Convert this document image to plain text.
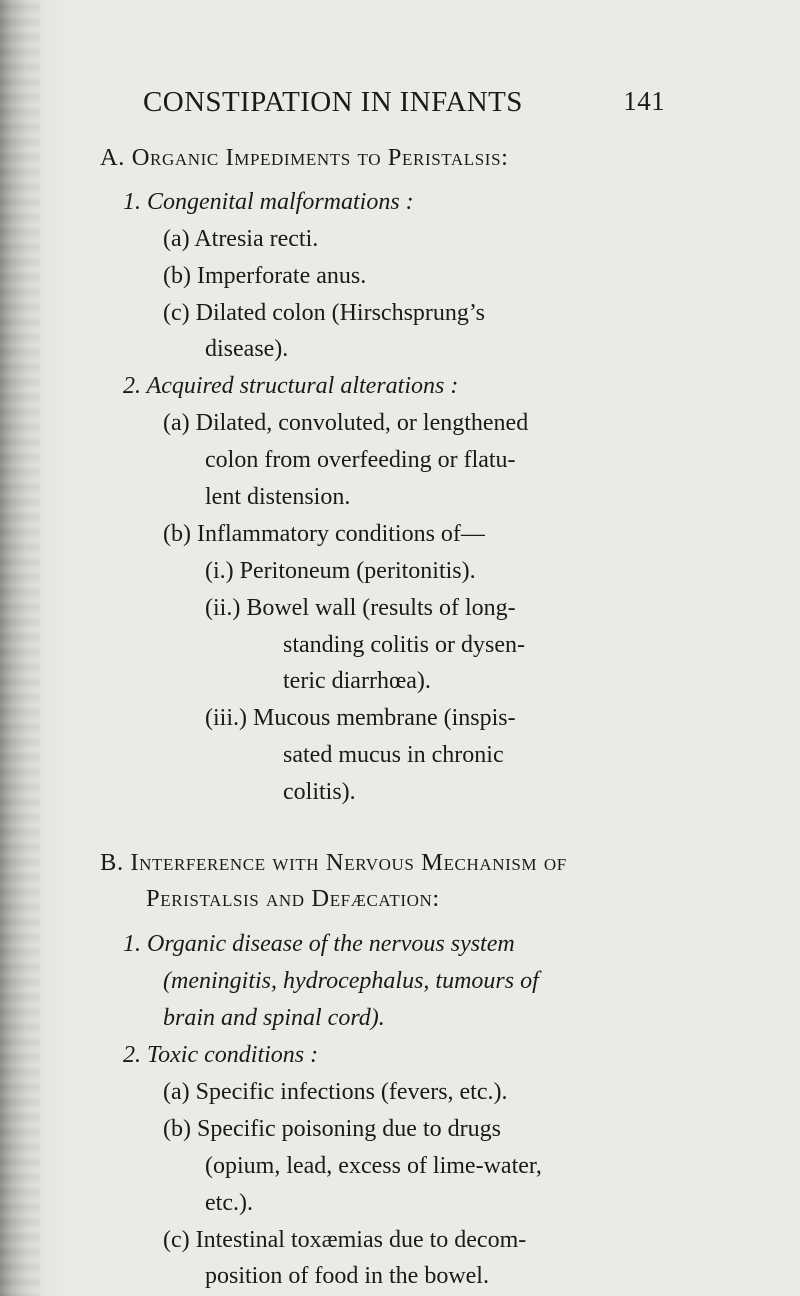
CONSTIPATION IN INFANTS	141
A. Organic Impediments to Peristalsis:
1. Congenital malformations :
(a) Atresia recti.
(b) Imperforate anus.
(c) Dilated colon (Hirschsprung’s
disease).
2. Acquired structural alterations :
(a) Dilated, convoluted, or lengthened
colon from overfeeding or flatu-
lent distension.
(b) Inflammatory conditions of—
(i.) Peritoneum (peritonitis).
(ii.) Bowel wall (results of long-
standing colitis or dysen-
teric diarrhœa).
(iii.) Mucous membrane (inspis-
sated mucus in chronic
colitis).
B. Interference with Nervous Mechanism of
Peristalsis and Defæcation:
1. Organic disease of the nervous system
(meningitis, hydrocephalus, tumours of
brain and spinal cord).
2. Toxic conditions :
(a) Specific infections (fevers, etc.).
(b) Specific poisoning due to drugs
(opium, lead, excess of lime-water,
etc.).
(c) Intestinal toxæmias due to decom-
position of food in the bowel.
